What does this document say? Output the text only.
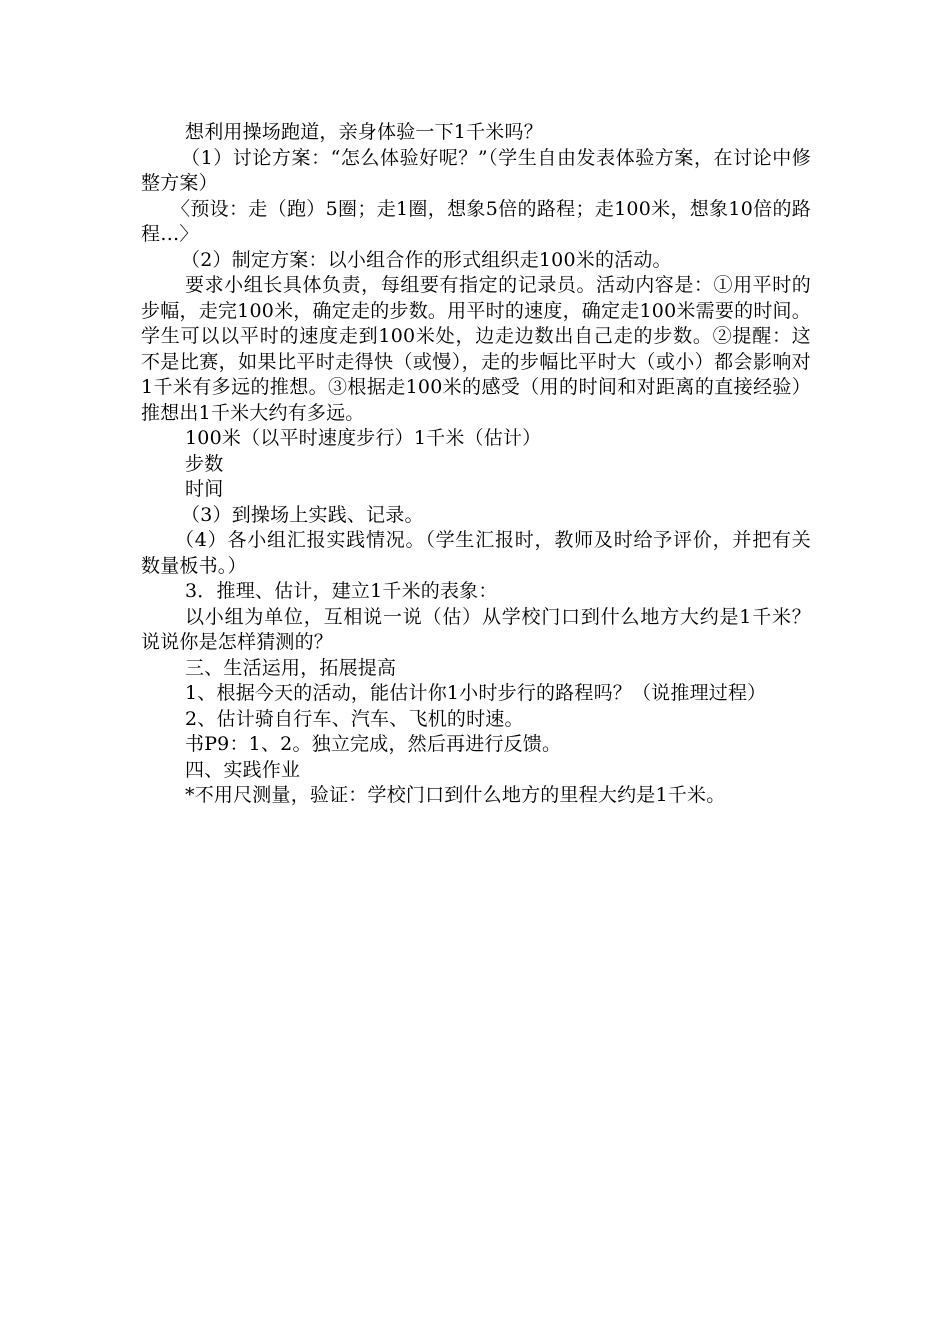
想利用操场跑道，亲身体验一下1千米吗？

（1）讨论方案：“怎么体验好呢？”（学生自由发表体验方案，在讨论中修整方案）

〈预设：走（跑）5圈；走1圈，想象5倍的路程；走100米，想象10倍的路程…〉

（2）制定方案：以小组合作的形式组织走100米的活动。

要求小组长具体负责，每组要有指定的记录员。活动内容是：①用平时的步幅，走完100米，确定走的步数。用平时的速度，确定走100米需要的时间。学生可以以平时的速度走到100米处，边走边数出自己走的步数。②提醒：这不是比赛，如果比平时走得快（或慢），走的步幅比平时大（或小）都会影响对1千米有多远的推想。③根据走100米的感受（用的时间和对距离的直接经验）推想出1千米大约有多远。

100米（以平时速度步行）1千米（估计）

步数

时间

（3）到操场上实践、记录。

（4）各小组汇报实践情况。（学生汇报时，教师及时给予评价，并把有关数量板书。）

3．推理、估计，建立1千米的表象：

以小组为单位，互相说一说（估）从学校门口到什么地方大约是1千米？说说你是怎样猜测的？

三、生活运用，拓展提高

1、根据今天的活动，能估计你1小时步行的路程吗？（说推理过程）

2、估计骑自行车、汽车、飞机的时速。

书P9：1、2。独立完成，然后再进行反馈。

四、实践作业

*不用尺测量，验证：学校门口到什么地方的里程大约是1千米。
